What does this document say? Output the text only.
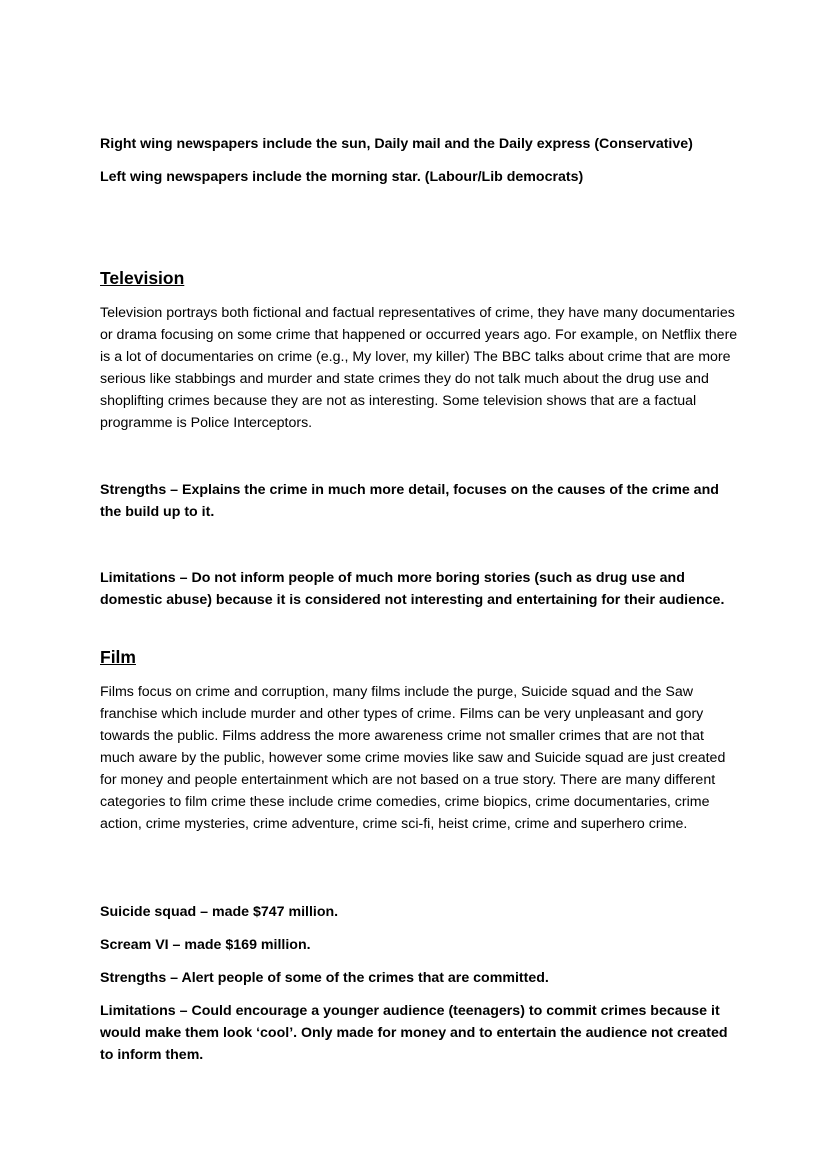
Right wing newspapers include the sun, Daily mail and the Daily express (Conservative)

Left wing newspapers include the morning star. (Labour/Lib democrats)

Television

Television portrays both fictional and factual representatives of crime, they have many documentaries or drama focusing on some crime that happened or occurred years ago. For example, on Netflix there is a lot of documentaries on crime (e.g., My lover, my killer) The BBC talks about crime that are more serious like stabbings and murder and state crimes they do not talk much about the drug use and shoplifting crimes because they are not as interesting. Some television shows that are a factual programme is Police Interceptors.

Strengths – Explains the crime in much more detail, focuses on the causes of the crime and the build up to it.

Limitations – Do not inform people of much more boring stories (such as drug use and domestic abuse) because it is considered not interesting and entertaining for their audience.

Film

Films focus on crime and corruption, many films include the purge, Suicide squad and the Saw franchise which include murder and other types of crime. Films can be very unpleasant and gory towards the public. Films address the more awareness crime not smaller crimes that are not that much aware by the public, however some crime movies like saw and Suicide squad are just created for money and people entertainment which are not based on a true story. There are many different categories to film crime these include crime comedies, crime biopics, crime documentaries, crime action, crime mysteries, crime adventure, crime sci-fi, heist crime, crime and superhero crime.

Suicide squad – made $747 million.

Scream VI – made $169 million.

Strengths – Alert people of some of the crimes that are committed.

Limitations – Could encourage a younger audience (teenagers) to commit crimes because it would make them look ‘cool’. Only made for money and to entertain the audience not created to inform them.
